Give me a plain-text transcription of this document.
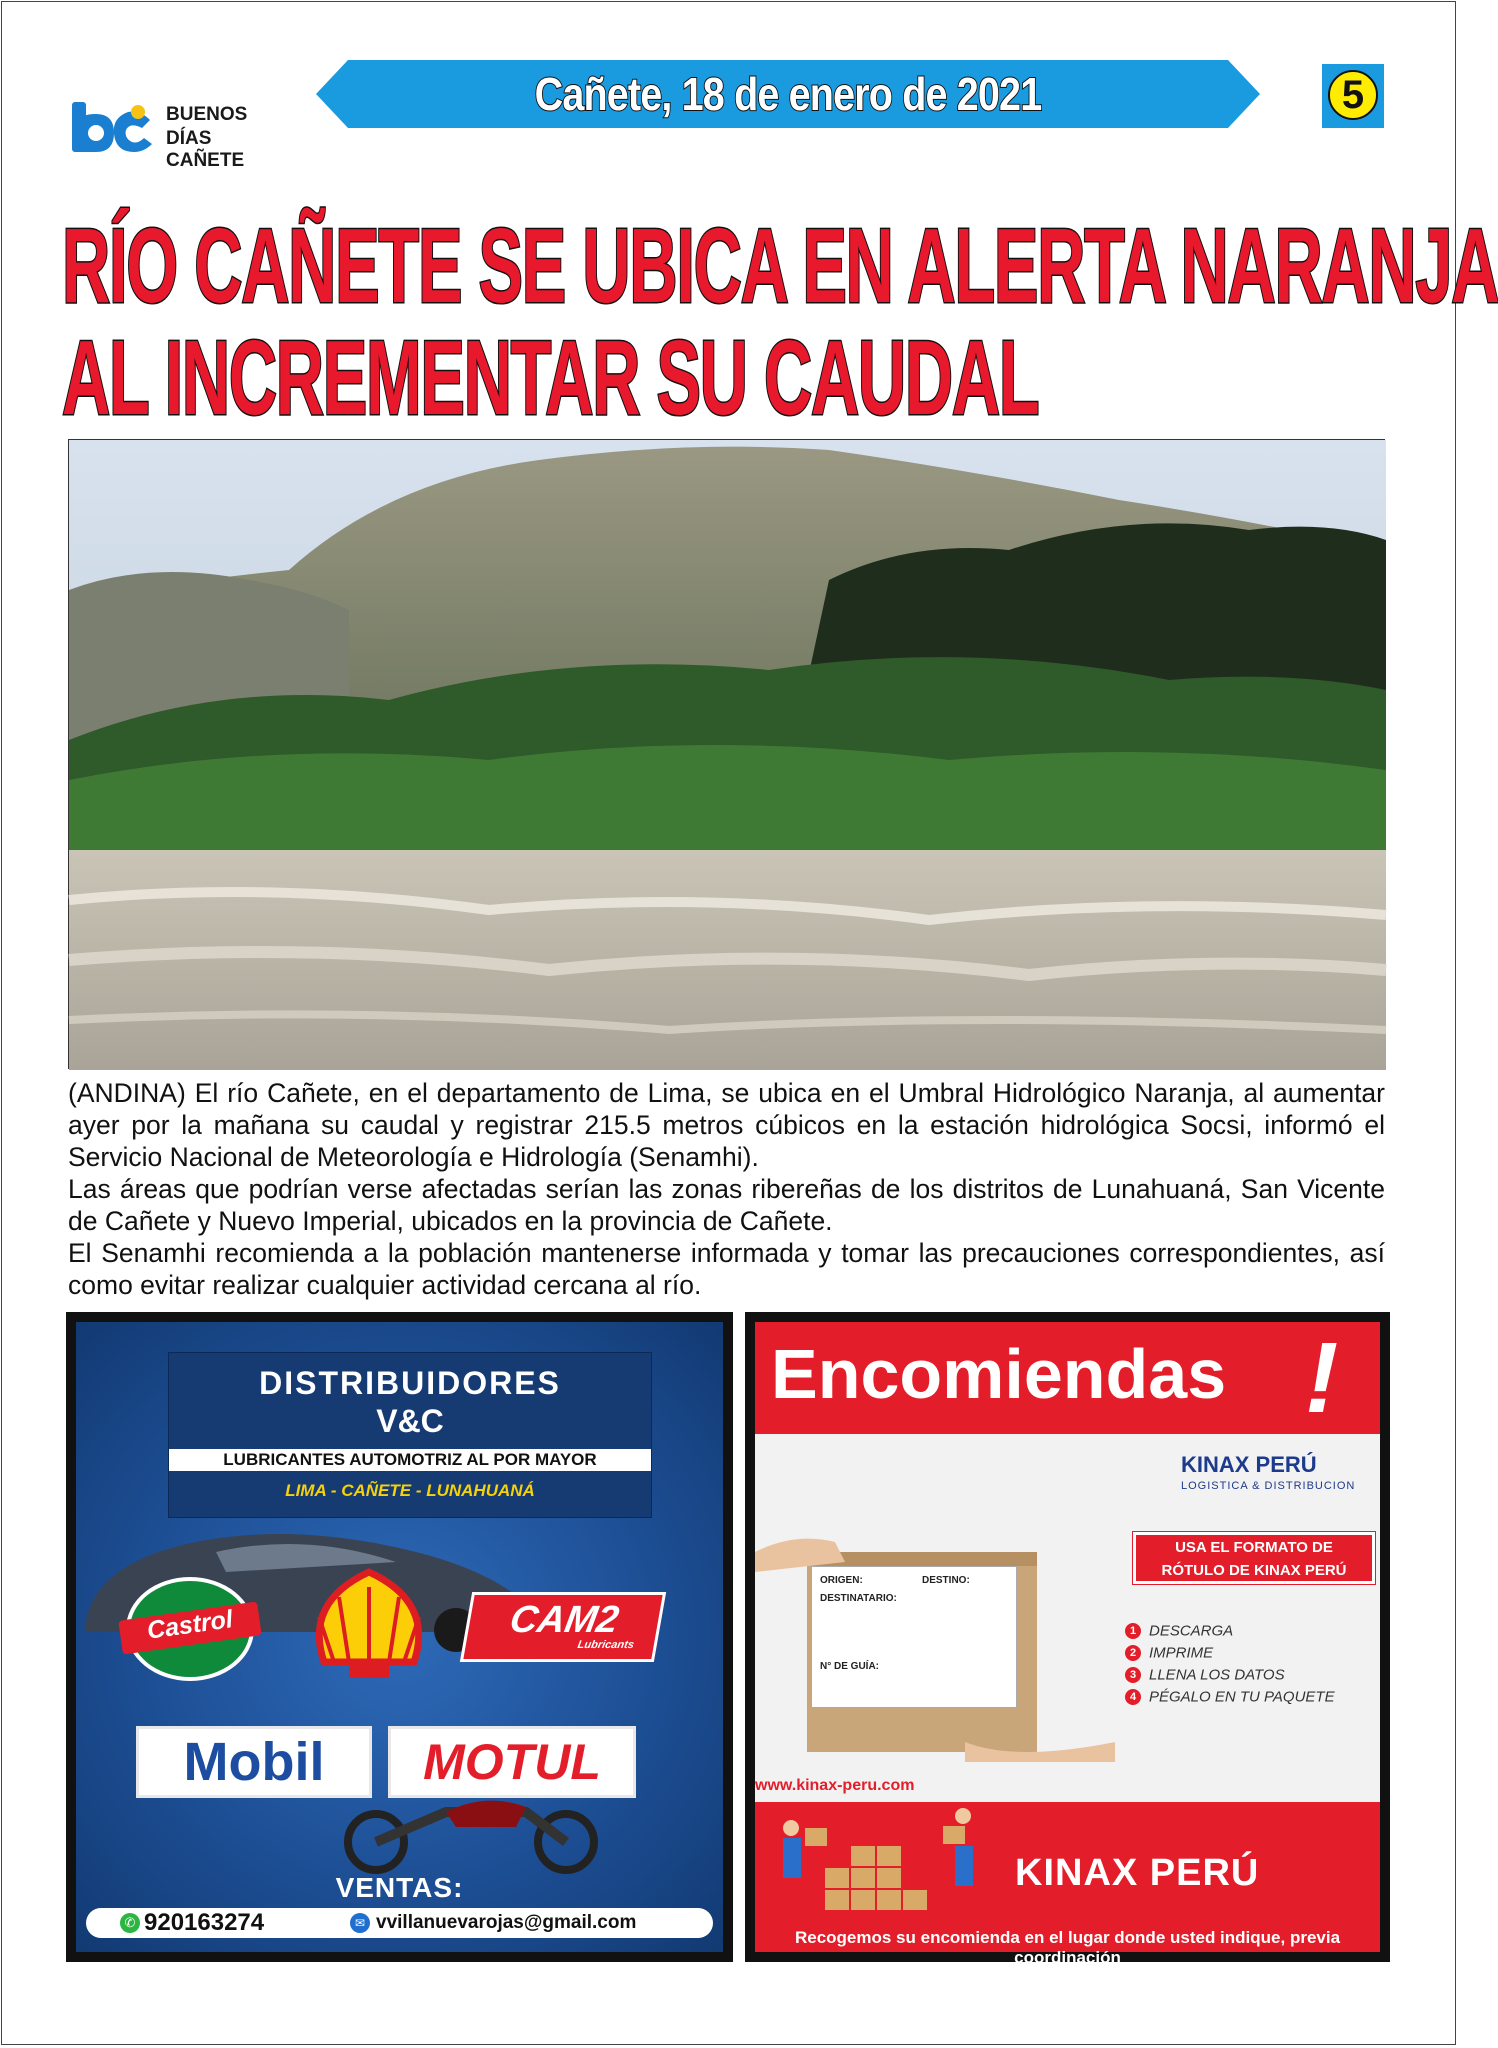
BUENOS
DÍAS CAÑETE
Cañete, 18 de enero de 2021	5
RÍO CAÑETE SE UBICA EN ALERTA NARANJA
AL INCREMENTAR SU CAUDAL

(ANDINA) El río Cañete, en el departamento de Lima, se ubica en el Umbral Hidrológico Naranja, al aumentar ayer por la mañana su caudal y registrar 215.5 metros cúbicos en la estación hidrológica Socsi, informó el Servicio Nacional de Meteorología e Hidrología (Senamhi).

Las áreas que podrían verse afectadas serían las zonas ribereñas de los distritos de Lunahuaná, San Vicente de Cañete y Nuevo Imperial, ubicados en la provincia de Cañete.

El Senamhi recomienda a la población mantenerse informada y tomar las precauciones correspondientes, así como evitar realizar cualquier actividad cercana al río.

DISTRIBUIDORES
V&C
LUBRICANTES AUTOMOTRIZ AL POR MAYOR
LIMA - CAÑETE - LUNAHUANÁ
Castrol	CAM2
Lubricants
Mobil	MOTUL
VENTAS:
✆ 920163274	✉ vvillanuevarojas@gmail.com
Encomiendas !
KINAX PERÚ
LOGISTICA & DISTRIBUCION
USA EL FORMATO DE
RÓTULO DE KINAX PERÚ
ORIGEN:	DESTINO:
DESTINATARIO:
N° DE GUÍA:
1 DESCARGA
2 IMPRIME
3 LLENA LOS DATOS
4 PÉGALO EN TU PAQUETE
www.kinax-peru.com
KINAX PERÚ
Recogemos su encomienda en el lugar donde usted indique, previa coordinación
